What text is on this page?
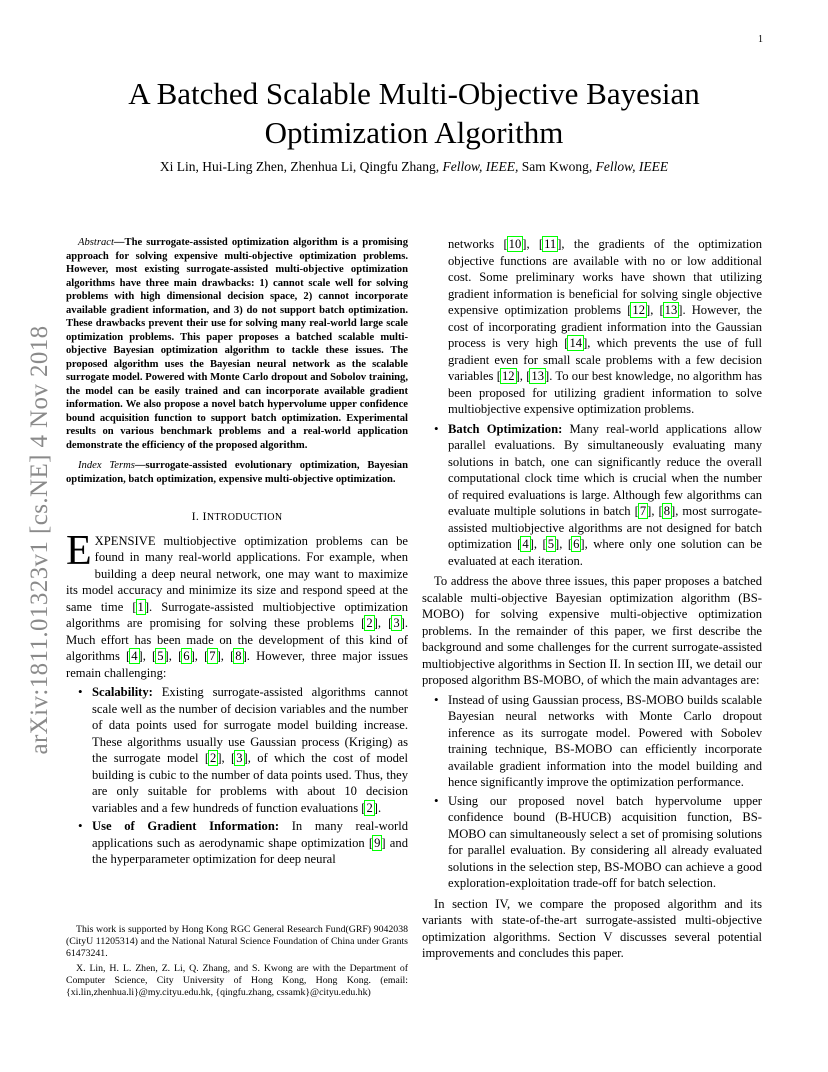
1
arXiv:1811.01323v1 [cs.NE] 4 Nov 2018
A Batched Scalable Multi-Objective Bayesian
Optimization Algorithm
Xi Lin, Hui-Ling Zhen, Zhenhua Li, Qingfu Zhang, Fellow, IEEE, Sam Kwong, Fellow, IEEE

Abstract—The surrogate-assisted optimization algorithm is a promising approach for solving expensive multi-objective optimization problems. However, most existing surrogate-assisted multi-objective optimization algorithms have three main drawbacks: 1) cannot scale well for solving problems with high dimensional decision space, 2) cannot incorporate available gradient information, and 3) do not support batch optimization. These drawbacks prevent their use for solving many real-world large scale optimization problems. This paper proposes a batched scalable multi-objective Bayesian optimization algorithm to tackle these issues. The proposed algorithm uses the Bayesian neural network as the scalable surrogate model. Powered with Monte Carlo dropout and Sobolov training, the model can be easily trained and can incorporate available gradient information. We also propose a novel batch hypervolume upper confidence bound acquisition function to support batch optimization. Experimental results on various benchmark problems and a real-world application demonstrate the efficiency of the proposed algorithm.

Index Terms—surrogate-assisted evolutionary optimization, Bayesian optimization, batch optimization, expensive multi-objective optimization.

I. INTRODUCTION

EXPENSIVE multiobjective optimization problems can be found in many real-world applications. For example, when building a deep neural network, one may want to maximize its model accuracy and minimize its size and respond speed at the same time [ 1 ] . Surrogate-assisted multiobjective optimization algorithms are promising for solving these problems [ 2 ] , [ 3 ] . Much effort has been made on the development of this kind of algorithms [ 4 ] , [ 5 ] , [ 6 ] , [ 7 ] , [ 8 ] . However, three major issues remain challenging:

• Scalability: Existing surrogate-assisted algorithms cannot scale well as the number of decision variables and the number of data points used for surrogate model building increase. These algorithms usually use Gaussian process (Kriging) as the surrogate model [ 2 ] , [ 3 ] , of which the cost of model building is cubic to the number of data points used. Thus, they are only suitable for problems with about 10 decision variables and a few hundreds of function evaluations [ 2 ] .
• Use of Gradient Information: In many real-world applications such as aerodynamic shape optimization [ 9 ] and the hyperparameter optimization for deep neural

This work is supported by Hong Kong RGC General Research Fund(GRF) 9042038 (CityU 11205314) and the National Natural Science Foundation of China under Grants 61473241.

X. Lin, H. L. Zhen, Z. Li, Q. Zhang, and S. Kwong are with the Department of Computer Science, City University of Hong Kong, Hong Kong. (email: {xi.lin,zhenhua.li}@my.cityu.edu.hk, {qingfu.zhang, cssamk}@cityu.edu.hk)

networks [ 10 ] , [ 11 ] , the gradients of the optimization objective functions are available with no or low additional cost. Some preliminary works have shown that utilizing gradient information is beneficial for solving single objective expensive optimization problems [ 12 ] , [ 13 ] . However, the cost of incorporating gradient information into the Gaussian process is very high [ 14 ] , which prevents the use of full gradient even for small scale problems with a few decision variables [ 12 ] , [ 13 ] . To our best knowledge, no algorithm has been proposed for utilizing gradient information to solve multiobjective expensive optimization problems.

• Batch Optimization: Many real-world applications allow parallel evaluations. By simultaneously evaluating many solutions in batch, one can significantly reduce the overall computational clock time which is crucial when the number of required evaluations is large. Although few algorithms can evaluate multiple solutions in batch [ 7 ] , [ 8 ] , most surrogate-assisted multiobjective algorithms are not designed for batch optimization [ 4 ] , [ 5 ] , [ 6 ] , where only one solution can be evaluated at each iteration.

To address the above three issues, this paper proposes a batched scalable multi-objective Bayesian optimization algorithm (BS-MOBO) for solving expensive multi-objective optimization problems. In the remainder of this paper, we first describe the background and some challenges for the current surrogate-assisted multiobjective algorithms in Section II. In section III, we detail our proposed algorithm BS-MOBO, of which the main advantages are:

• Instead of using Gaussian process, BS-MOBO builds scalable Bayesian neural networks with Monte Carlo dropout inference as its surrogate model. Powered with Sobolev training technique, BS-MOBO can efficiently incorporate available gradient information into the model building and hence significantly improve the optimization performance.
• Using our proposed novel batch hypervolume upper confidence bound (B-HUCB) acquisition function, BS-MOBO can simultaneously select a set of promising solutions for parallel evaluation. By considering all already evaluated solutions in the selection step, BS-MOBO can achieve a good exploration-exploitation trade-off for batch selection.

In section IV, we compare the proposed algorithm and its variants with state-of-the-art surrogate-assisted multi-objective optimization algorithms. Section V discusses several potential improvements and concludes this paper.
